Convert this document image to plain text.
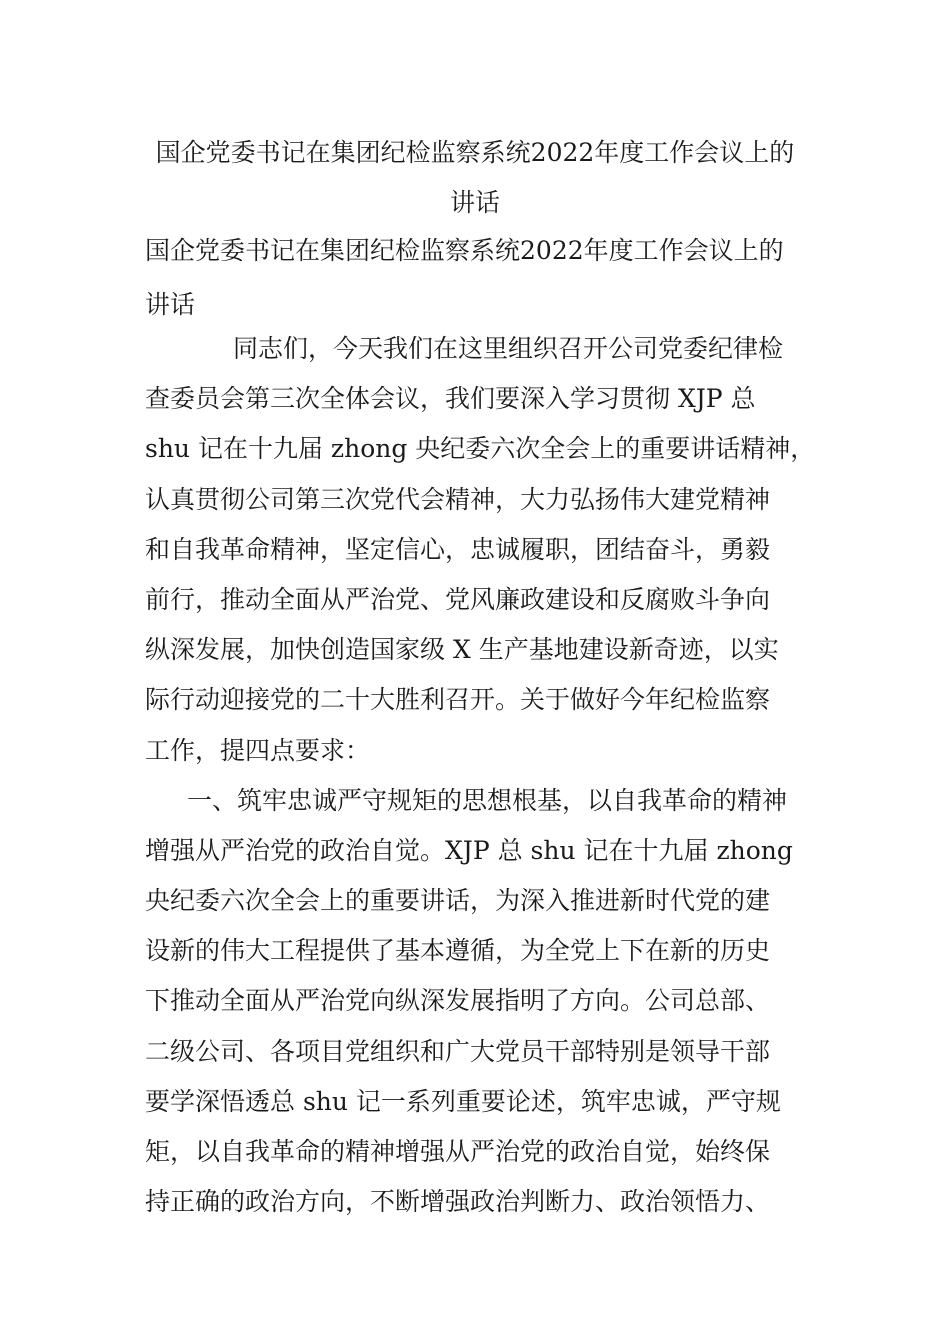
国企党委书记在集团纪检监察系统2022年度工作会议上的
讲话
国企党委书记在集团纪检监察系统2022年度工作会议上的
讲话
同志们，今天我们在这里组织召开公司党委纪律检
查委员会第三次全体会议，我们要深入学习贯彻 XJP 总
shu 记在十九届 zhong 央纪委六次全会上的重要讲话精神，
认真贯彻公司第三次党代会精神，大力弘扬伟大建党精神
和自我革命精神，坚定信心，忠诚履职，团结奋斗，勇毅
前行，推动全面从严治党、党风廉政建设和反腐败斗争向
纵深发展，加快创造国家级 X 生产基地建设新奇迹，以实
际行动迎接党的二十大胜利召开。关于做好今年纪检监察
工作，提四点要求：
一、筑牢忠诚严守规矩的思想根基，以自我革命的精神
增强从严治党的政治自觉。XJP 总 shu 记在十九届 zhong
央纪委六次全会上的重要讲话，为深入推进新时代党的建
设新的伟大工程提供了基本遵循，为全党上下在新的历史
下推动全面从严治党向纵深发展指明了方向。公司总部、
二级公司、各项目党组织和广大党员干部特别是领导干部
要学深悟透总 shu 记一系列重要论述，筑牢忠诚，严守规
矩，以自我革命的精神增强从严治党的政治自觉，始终保
持正确的政治方向，不断增强政治判断力、政治领悟力、
